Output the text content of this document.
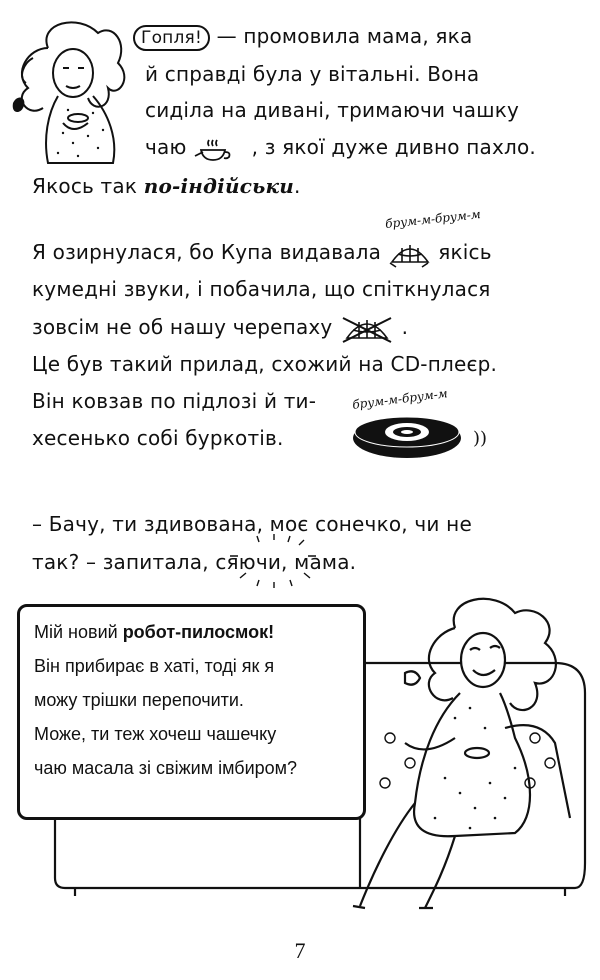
Гопля! — промовила мама, яка
й справді була у вітальні. Вона
сиділа на дивані, тримаючи чашку
чаю	, з якої дуже дивно пахло.
Якось так по-індійськи.
брум-м-брум-м
Я озирнулася, бо Купа видавала	якісь
кумедні звуки, і побачила, що спіткнулася
зовсім не об нашу черепаху	.
Це був такий прилад, схожий на CD-плеєр.
Він ковзав по підлозі й ти-
хесенько собі буркотів.
брум-м-брум-м
))
– Бачу, ти здивована, моє сонечко, чи не
так? – запитала, сяючи, мама.
Мій новий робот-пилосмок!
Він прибирає в хаті, тоді як я
можу трішки перепочити.
Може, ти теж хочеш чашечку
чаю масала зі свіжим імбиром?
7
